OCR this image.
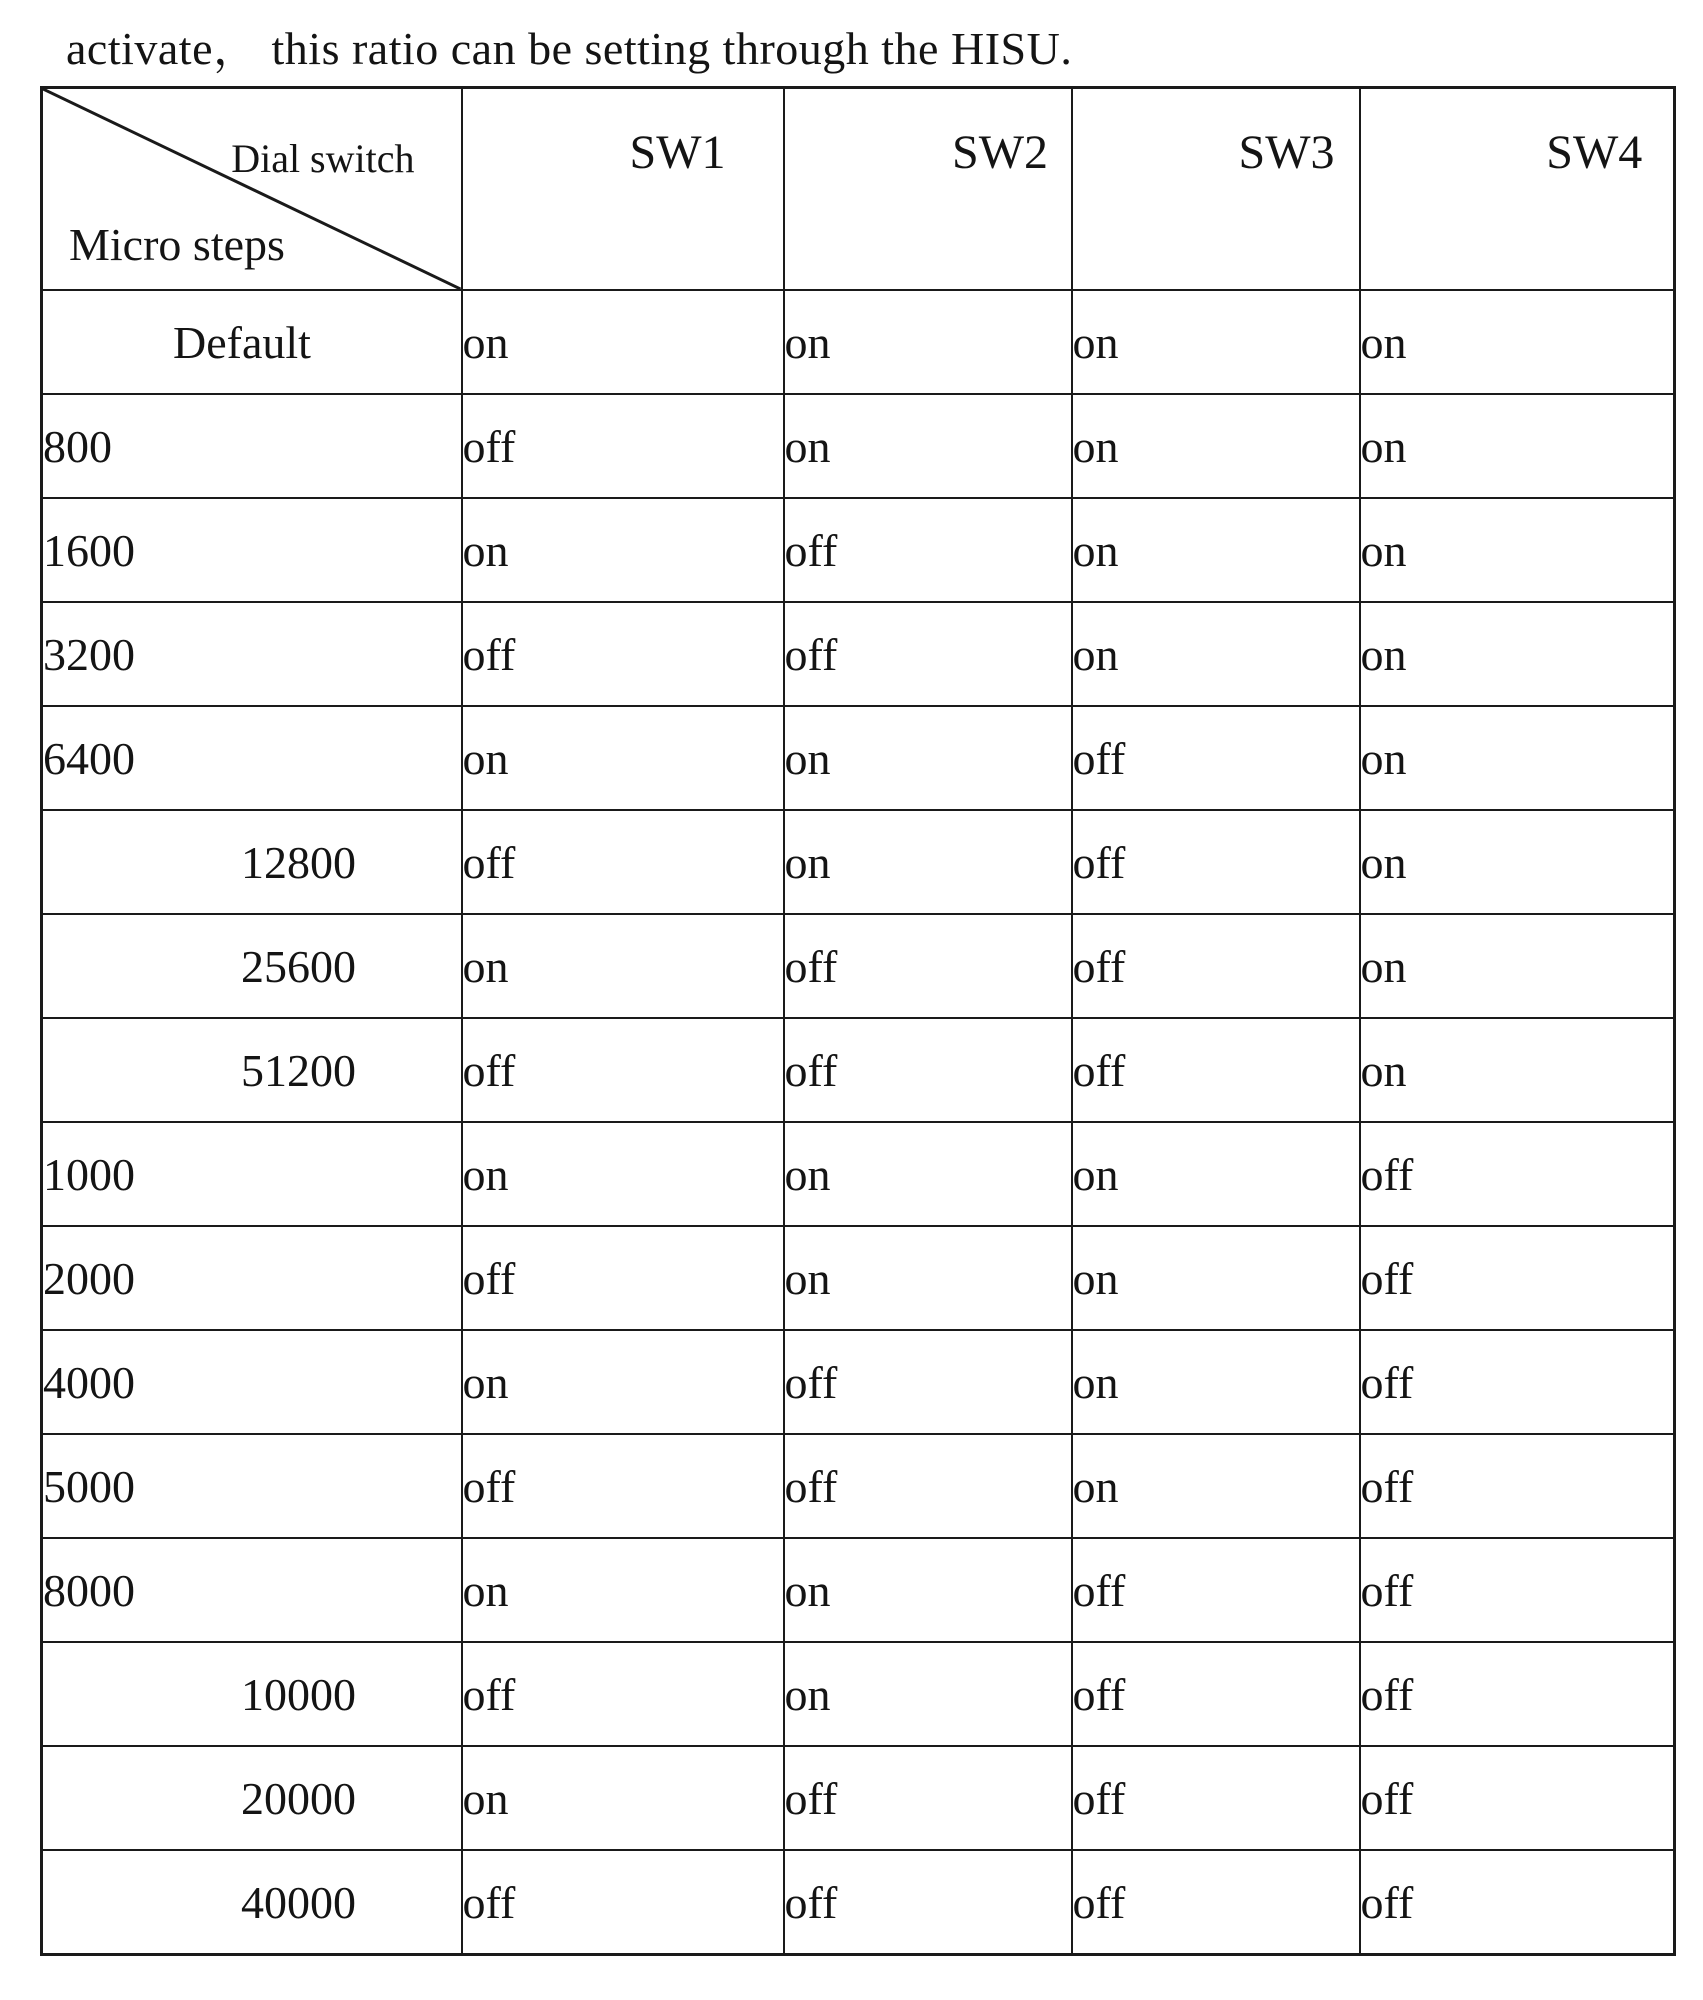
activate， this ratio can be setting through the HISU.
Dial switch
Micro steps	SW1	SW2	SW3	SW4

Default	on	on	on	on
800	off	on	on	on
1600	on	off	on	on
3200	off	off	on	on
6400	on	on	off	on
12800	off	on	off	on
25600	on	off	off	on
51200	off	off	off	on
1000	on	on	on	off
2000	off	on	on	off
4000	on	off	on	off
5000	off	off	on	off
8000	on	on	off	off
10000	off	on	off	off
20000	on	off	off	off
40000	off	off	off	off
